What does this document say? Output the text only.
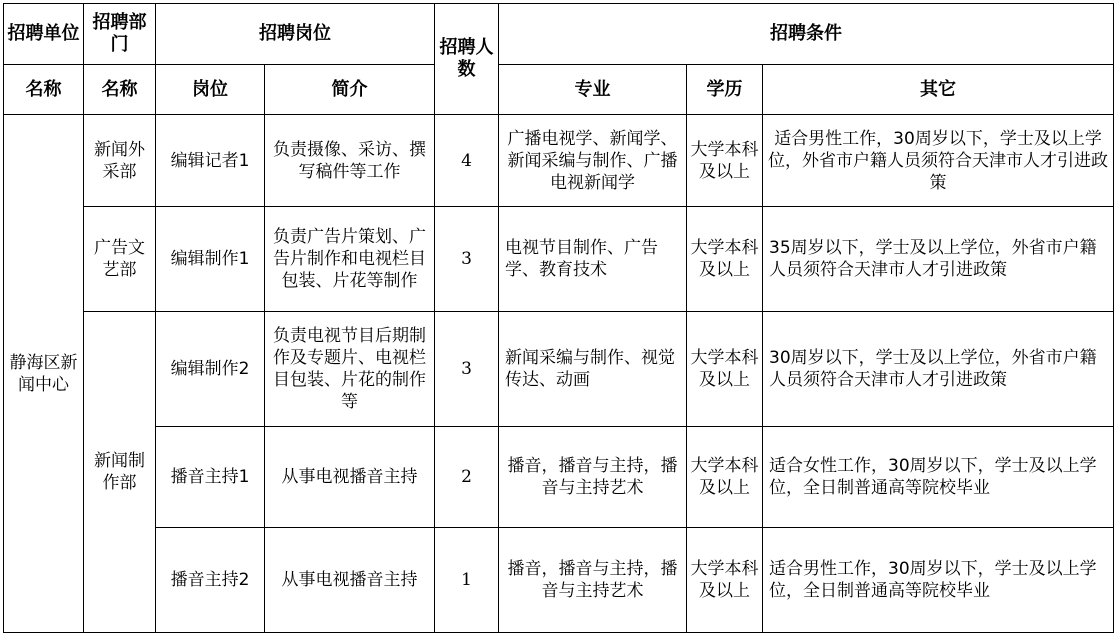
招聘单位	招聘部门	招聘岗位		招聘人数	招聘条件		
名称	名称	岗位	简介		专业	学历	其它
静海区新闻中心	新闻外采部	编辑记者1	负责摄像、采访、撰写稿件等工作	4	广播电视学、新闻学、新闻采编与制作、广播电视新闻学	大学本科及以上	适合男性工作，30周岁以下，学士及以上学位，外省市户籍人员须符合天津市人才引进政策
	广告文艺部	编辑制作1	负责广告片策划、广告片制作和电视栏目包装、片花等制作	3	电视节目制作、广告学、教育技术	大学本科及以上	35周岁以下，学士及以上学位，外省市户籍人员须符合天津市人才引进政策
	新闻制作部	编辑制作2	负责电视节目后期制作及专题片、电视栏目包装、片花的制作等	3	新闻采编与制作、视觉传达、动画	大学本科及以上	30周岁以下，学士及以上学位，外省市户籍人员须符合天津市人才引进政策
		播音主持1	从事电视播音主持	2	播音，播音与主持，播音与主持艺术	大学本科及以上	适合女性工作，30周岁以下，学士及以上学位，全日制普通高等院校毕业
		播音主持2	从事电视播音主持	1	播音，播音与主持，播音与主持艺术	大学本科及以上	适合男性工作，30周岁以下，学士及以上学位，全日制普通高等院校毕业
